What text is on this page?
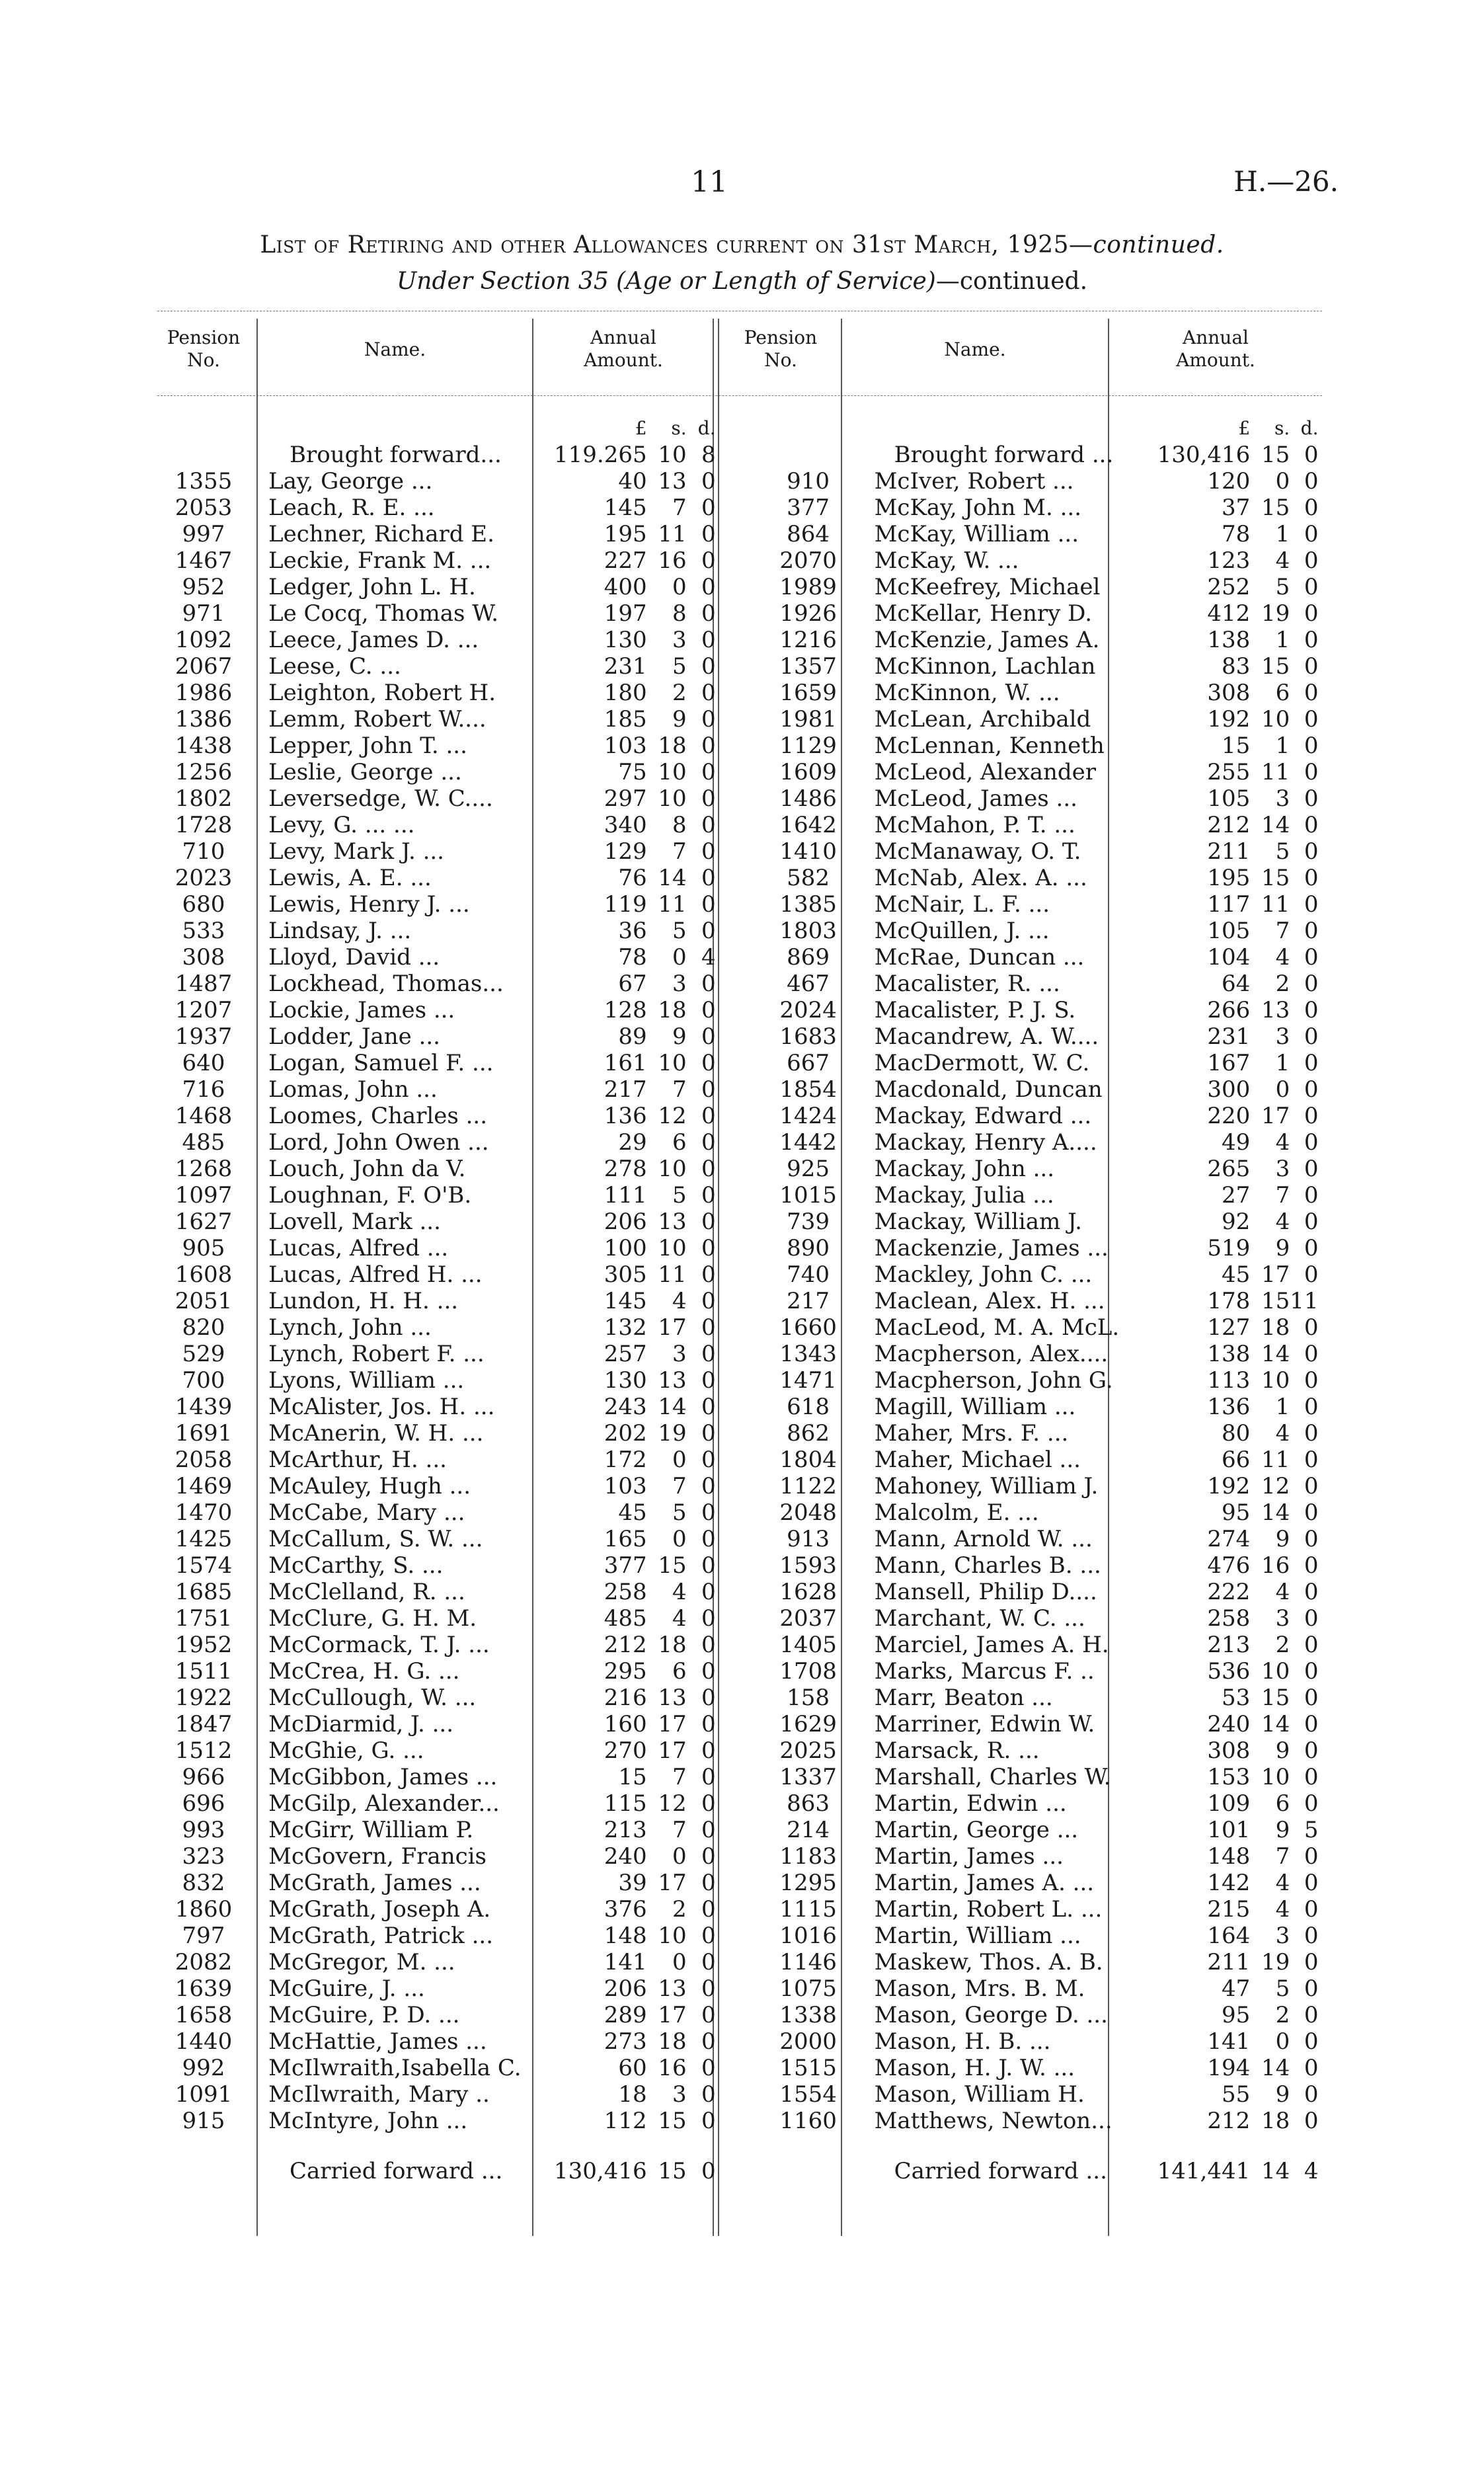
11	H.—26.
List of Retiring and other Allowances current on 31st March, 1925—continued.
Under Section 35 (Age or Length of Service)—continued.
Pension
No.	Name.
Annual
Amount.
Pension
No.	Name.
Annual
Amount.
		£	s.	d.				£	s.	d.
	Brought forward...	119.265	10	8			Brought forward ...	130,416	15	0
1355	Lay, George ...	40	13	0		910	McIver, Robert ...	120	0	0
2053	Leach, R. E. ...	145	7	0		377	McKay, John M. ...	37	15	0
997	Lechner, Richard E.	195	11	0		864	McKay, William ...	78	1	0
1467	Leckie, Frank M. ...	227	16	0		2070	McKay, W. ...	123	4	0
952	Ledger, John L. H.	400	0	0		1989	McKeefrey, Michael	252	5	0
971	Le Cocq, Thomas W.	197	8	0		1926	McKellar, Henry D.	412	19	0
1092	Leece, James D. ...	130	3	0		1216	McKenzie, James A.	138	1	0
2067	Leese, C. ...	231	5	0		1357	McKinnon, Lachlan	83	15	0
1986	Leighton, Robert H.	180	2	0		1659	McKinnon, W. ...	308	6	0
1386	Lemm, Robert W....	185	9	0		1981	McLean, Archibald	192	10	0
1438	Lepper, John T. ...	103	18	0		1129	McLennan, Kenneth	15	1	0
1256	Leslie, George ...	75	10	0		1609	McLeod, Alexander	255	11	0
1802	Leversedge, W. C....	297	10	0		1486	McLeod, James ...	105	3	0
1728	Levy, G. ... ...	340	8	0		1642	McMahon, P. T. ...	212	14	0
710	Levy, Mark J. ...	129	7	0		1410	McManaway, O. T.	211	5	0
2023	Lewis, A. E. ...	76	14	0		582	McNab, Alex. A. ...	195	15	0
680	Lewis, Henry J. ...	119	11	0		1385	McNair, L. F. ...	117	11	0
533	Lindsay, J. ...	36	5	0		1803	McQuillen, J. ...	105	7	0
308	Lloyd, David ...	78	0	4		869	McRae, Duncan ...	104	4	0
1487	Lockhead, Thomas...	67	3	0		467	Macalister, R. ...	64	2	0
1207	Lockie, James ...	128	18	0		2024	Macalister, P. J. S.	266	13	0
1937	Lodder, Jane ...	89	9	0		1683	Macandrew, A. W....	231	3	0
640	Logan, Samuel F. ...	161	10	0		667	MacDermott, W. C.	167	1	0
716	Lomas, John ...	217	7	0		1854	Macdonald, Duncan	300	0	0
1468	Loomes, Charles ...	136	12	0		1424	Mackay, Edward ...	220	17	0
485	Lord, John Owen ...	29	6	0		1442	Mackay, Henry A....	49	4	0
1268	Louch, John da V.	278	10	0		925	Mackay, John ...	265	3	0
1097	Loughnan, F. O'B.	111	5	0		1015	Mackay, Julia ...	27	7	0
1627	Lovell, Mark ...	206	13	0		739	Mackay, William J.	92	4	0
905	Lucas, Alfred ...	100	10	0		890	Mackenzie, James ...	519	9	0
1608	Lucas, Alfred H. ...	305	11	0		740	Mackley, John C. ...	45	17	0
2051	Lundon, H. H. ...	145	4	0		217	Maclean, Alex. H. ...	178	15	11
820	Lynch, John ...	132	17	0		1660	MacLeod, M. A. McL.	127	18	0
529	Lynch, Robert F. ...	257	3	0		1343	Macpherson, Alex....	138	14	0
700	Lyons, William ...	130	13	0		1471	Macpherson, John G.	113	10	0
1439	McAlister, Jos. H. ...	243	14	0		618	Magill, William ...	136	1	0
1691	McAnerin, W. H. ...	202	19	0		862	Maher, Mrs. F. ...	80	4	0
2058	McArthur, H. ...	172	0	0		1804	Maher, Michael ...	66	11	0
1469	McAuley, Hugh ...	103	7	0		1122	Mahoney, William J.	192	12	0
1470	McCabe, Mary ...	45	5	0		2048	Malcolm, E. ...	95	14	0
1425	McCallum, S. W. ...	165	0	0		913	Mann, Arnold W. ...	274	9	0
1574	McCarthy, S. ...	377	15	0		1593	Mann, Charles B. ...	476	16	0
1685	McClelland, R. ...	258	4	0		1628	Mansell, Philip D....	222	4	0
1751	McClure, G. H. M.	485	4	0		2037	Marchant, W. C. ...	258	3	0
1952	McCormack, T. J. ...	212	18	0		1405	Marciel, James A. H.	213	2	0
1511	McCrea, H. G. ...	295	6	0		1708	Marks, Marcus F. ..	536	10	0
1922	McCullough, W. ...	216	13	0		158	Marr, Beaton ...	53	15	0
1847	McDiarmid, J. ...	160	17	0		1629	Marriner, Edwin W.	240	14	0
1512	McGhie, G. ...	270	17	0		2025	Marsack, R. ...	308	9	0
966	McGibbon, James ...	15	7	0		1337	Marshall, Charles W.	153	10	0
696	McGilp, Alexander...	115	12	0		863	Martin, Edwin ...	109	6	0
993	McGirr, William P.	213	7	0		214	Martin, George ...	101	9	5
323	McGovern, Francis	240	0	0		1183	Martin, James ...	148	7	0
832	McGrath, James ...	39	17	0		1295	Martin, James A. ...	142	4	0
1860	McGrath, Joseph A.	376	2	0		1115	Martin, Robert L. ...	215	4	0
797	McGrath, Patrick ...	148	10	0		1016	Martin, William ...	164	3	0
2082	McGregor, M. ...	141	0	0		1146	Maskew, Thos. A. B.	211	19	0
1639	McGuire, J. ...	206	13	0		1075	Mason, Mrs. B. M.	47	5	0
1658	McGuire, P. D. ...	289	17	0		1338	Mason, George D. ...	95	2	0
1440	McHattie, James ...	273	18	0		2000	Mason, H. B. ...	141	0	0
992	McIlwraith,Isabella C.	60	16	0		1515	Mason, H. J. W. ...	194	14	0
1091	McIlwraith, Mary ..	18	3	0		1554	Mason, William H.	55	9	0
915	McIntyre, John ...	112	15	0		1160	Matthews, Newton...	212	18	0
	Carried forward ...	130,416	15	0			Carried forward ...	141,441	14	4
